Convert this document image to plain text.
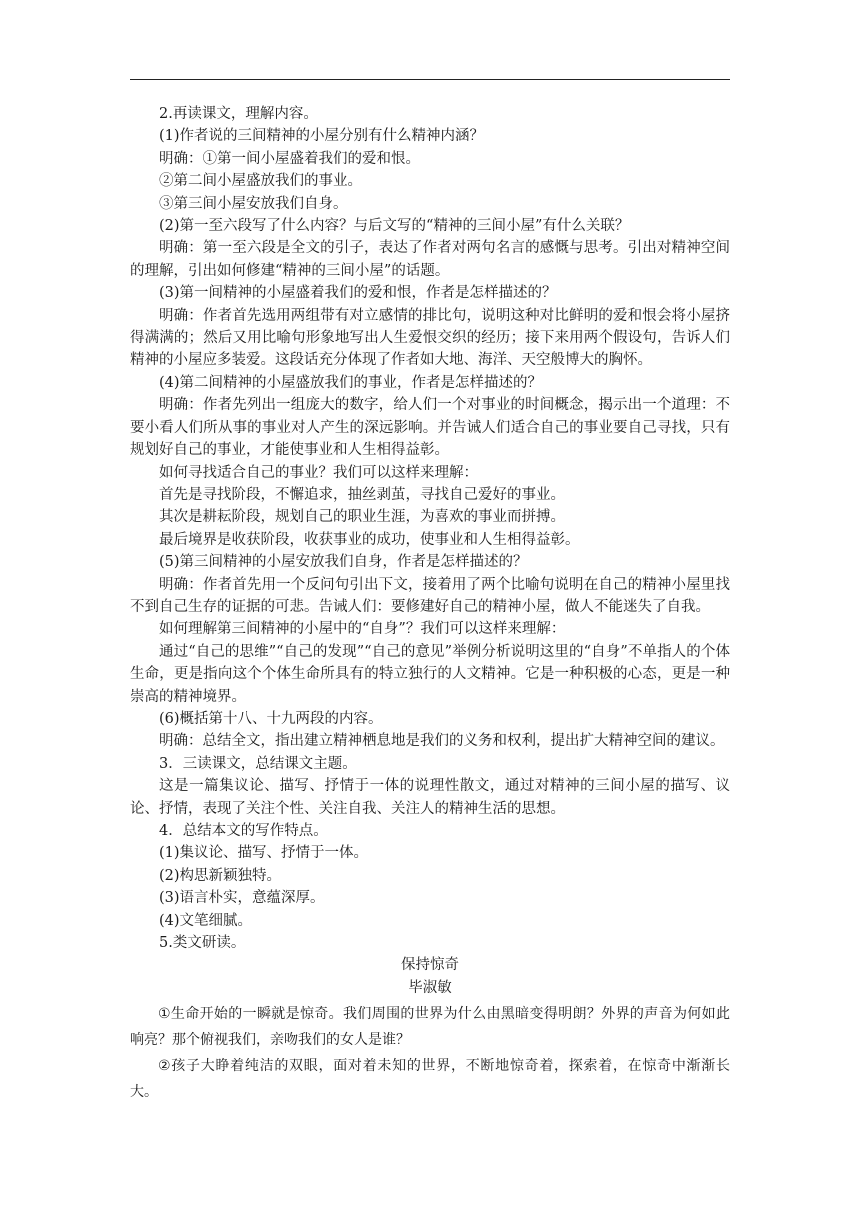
2.再读课文，理解内容。

(1)作者说的三间精神的小屋分别有什么精神内涵？

明确：①第一间小屋盛着我们的爱和恨。

②第二间小屋盛放我们的事业。

③第三间小屋安放我们自身。

(2)第一至六段写了什么内容？与后文写的“精神的三间小屋”有什么关联？

明确：第一至六段是全文的引子，表达了作者对两句名言的感慨与思考。引出对精神空间的理解，引出如何修建“精神的三间小屋”的话题。

(3)第一间精神的小屋盛着我们的爱和恨，作者是怎样描述的？

明确：作者首先选用两组带有对立感情的排比句，说明这种对比鲜明的爱和恨会将小屋挤得满满的；然后又用比喻句形象地写出人生爱恨交织的经历；接下来用两个假设句，告诉人们精神的小屋应多装爱。这段话充分体现了作者如大地、海洋、天空般博大的胸怀。

(4)第二间精神的小屋盛放我们的事业，作者是怎样描述的？

明确：作者先列出一组庞大的数字，给人们一个对事业的时间概念，揭示出一个道理：不要小看人们所从事的事业对人产生的深远影响。并告诫人们适合自己的事业要自己寻找，只有规划好自己的事业，才能使事业和人生相得益彰。

如何寻找适合自己的事业？我们可以这样来理解：

首先是寻找阶段，不懈追求，抽丝剥茧，寻找自己爱好的事业。

其次是耕耘阶段，规划自己的职业生涯，为喜欢的事业而拼搏。

最后境界是收获阶段，收获事业的成功，使事业和人生相得益彰。

(5)第三间精神的小屋安放我们自身，作者是怎样描述的？

明确：作者首先用一个反问句引出下文，接着用了两个比喻句说明在自己的精神小屋里找不到自己生存的证据的可悲。告诫人们：要修建好自己的精神小屋，做人不能迷失了自我。

如何理解第三间精神的小屋中的“自身”？我们可以这样来理解：

通过“自己的思维”“自己的发现”“自己的意见”举例分析说明这里的“自身”不单指人的个体生命，更是指向这个个体生命所具有的特立独行的人文精神。它是一种积极的心态，更是一种崇高的精神境界。

(6)概括第十八、十九两段的内容。

明确：总结全文，指出建立精神栖息地是我们的义务和权利，提出扩大精神空间的建议。

3．三读课文，总结课文主题。

这是一篇集议论、描写、抒情于一体的说理性散文，通过对精神的三间小屋的描写、议论、抒情，表现了关注个性、关注自我、关注人的精神生活的思想。

4．总结本文的写作特点。

(1)集议论、描写、抒情于一体。

(2)构思新颖独特。

(3)语言朴实，意蕴深厚。

(4)文笔细腻。

5.类文研读。

保持惊奇

毕淑敏

①生命开始的一瞬就是惊奇。我们周围的世界为什么由黑暗变得明朗？外界的声音为何如此响亮？那个俯视我们，亲吻我们的女人是谁？

②孩子大睁着纯洁的双眼，面对着未知的世界，不断地惊奇着，探索着，在惊奇中渐渐长大。
